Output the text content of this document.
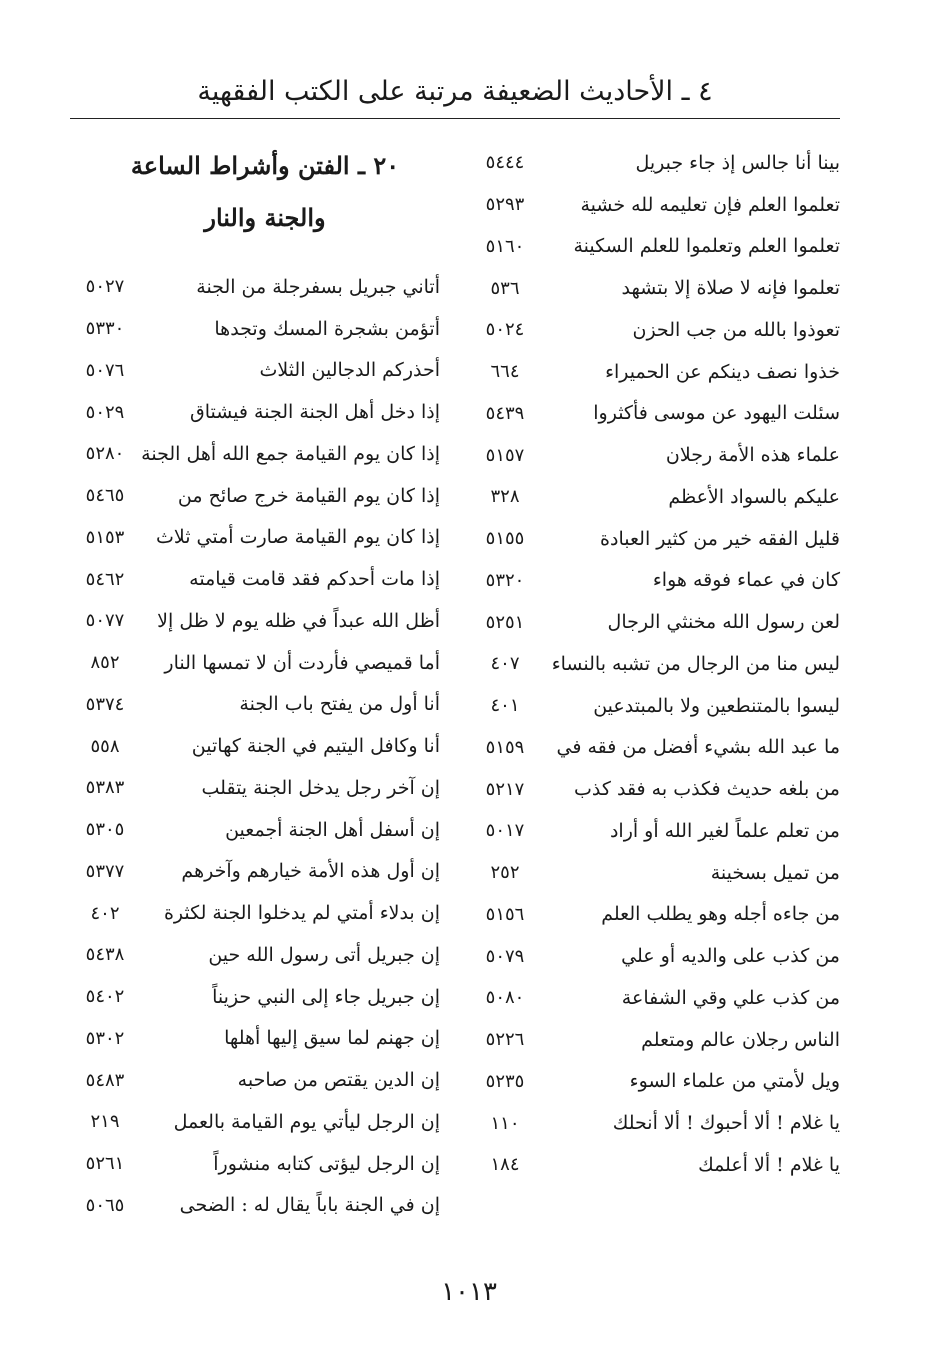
٤ ـ الأحاديث الضعيفة مرتبة على الكتب الفقهية
بينا أنا جالس إذ جاء جبريل
٥٤٤٤
تعلموا العلم فإن تعليمه لله خشية
٥٢٩٣
تعلموا العلم وتعلموا للعلم السكينة
٥١٦٠
تعلموا فإنه لا صلاة إلا بتشهد
٥٣٦
تعوذوا بالله من جب الحزن
٥٠٢٤
خذوا نصف دينكم عن الحميراء
٦٦٤
سئلت اليهود عن موسى فأكثروا
٥٤٣٩
علماء هذه الأمة رجلان
٥١٥٧
عليكم بالسواد الأعظم
٣٢٨
قليل الفقه خير من كثير العبادة
٥١٥٥
كان في عماء فوقه هواء
٥٣٢٠
لعن رسول الله مخنثي الرجال
٥٢٥١
ليس منا من الرجال من تشبه بالنساء
٤٠٧
ليسوا بالمتنطعين ولا بالمبتدعين
٤٠١
ما عبد الله بشيء أفضل من فقه في
٥١٥٩
من بلغه حديث فكذب به فقد كذب
٥٢١٧
من تعلم علماً لغير الله أو أراد
٥٠١٧
من تميل بسخينة
٢٥٢
من جاءه أجله وهو يطلب العلم
٥١٥٦
من كذب على والديه أو علي
٥٠٧٩
من كذب علي وقي الشفاعة
٥٠٨٠
الناس رجلان عالم ومتعلم
٥٢٢٦
ويل لأمتي من علماء السوء
٥٢٣٥
يا غلام ! ألا أحبوك ! ألا أنحلك
١١٠
يا غلام ! ألا أعلمك
١٨٤
٢٠ ـ الفتن وأشراط الساعة
والجنة والنار
أتاني جبريل بسفرجلة من الجنة
٥٠٢٧
أتؤمن بشجرة المسك وتجدها
٥٣٣٠
أحذركم الدجالين الثلاث
٥٠٧٦
إذا دخل أهل الجنة الجنة فيشتاق
٥٠٢٩
إذا كان يوم القيامة جمع الله أهل الجنة
٥٢٨٠
إذا كان يوم القيامة خرج صائح من
٥٤٦٥
إذا كان يوم القيامة صارت أمتي ثلاث
٥١٥٣
إذا مات أحدكم فقد قامت قيامته
٥٤٦٢
أظل الله عبداً في ظله يوم لا ظل إلا
٥٠٧٧
أما قميصي فأردت أن لا تمسها النار
٨٥٢
أنا أول من يفتح باب الجنة
٥٣٧٤
أنا وكافل اليتيم في الجنة كهاتين
٥٥٨
إن آخر رجل يدخل الجنة يتقلب
٥٣٨٣
إن أسفل أهل الجنة أجمعين
٥٣٠٥
إن أول هذه الأمة خيارهم وآخرهم
٥٣٧٧
إن بدلاء أمتي لم يدخلوا الجنة لكثرة
٤٠٢
إن جبريل أتى رسول الله حين
٥٤٣٨
إن جبريل جاء إلى النبي حزيناً
٥٤٠٢
إن جهنم لما سيق إليها أهلها
٥٣٠٢
إن الدين يقتص من صاحبه
٥٤٨٣
إن الرجل ليأتي يوم القيامة بالعمل
٢١٩
إن الرجل ليؤتى كتابه منشوراً
٥٢٦١
إن في الجنة باباً يقال له : الضحى
٥٠٦٥
١٠١٣
